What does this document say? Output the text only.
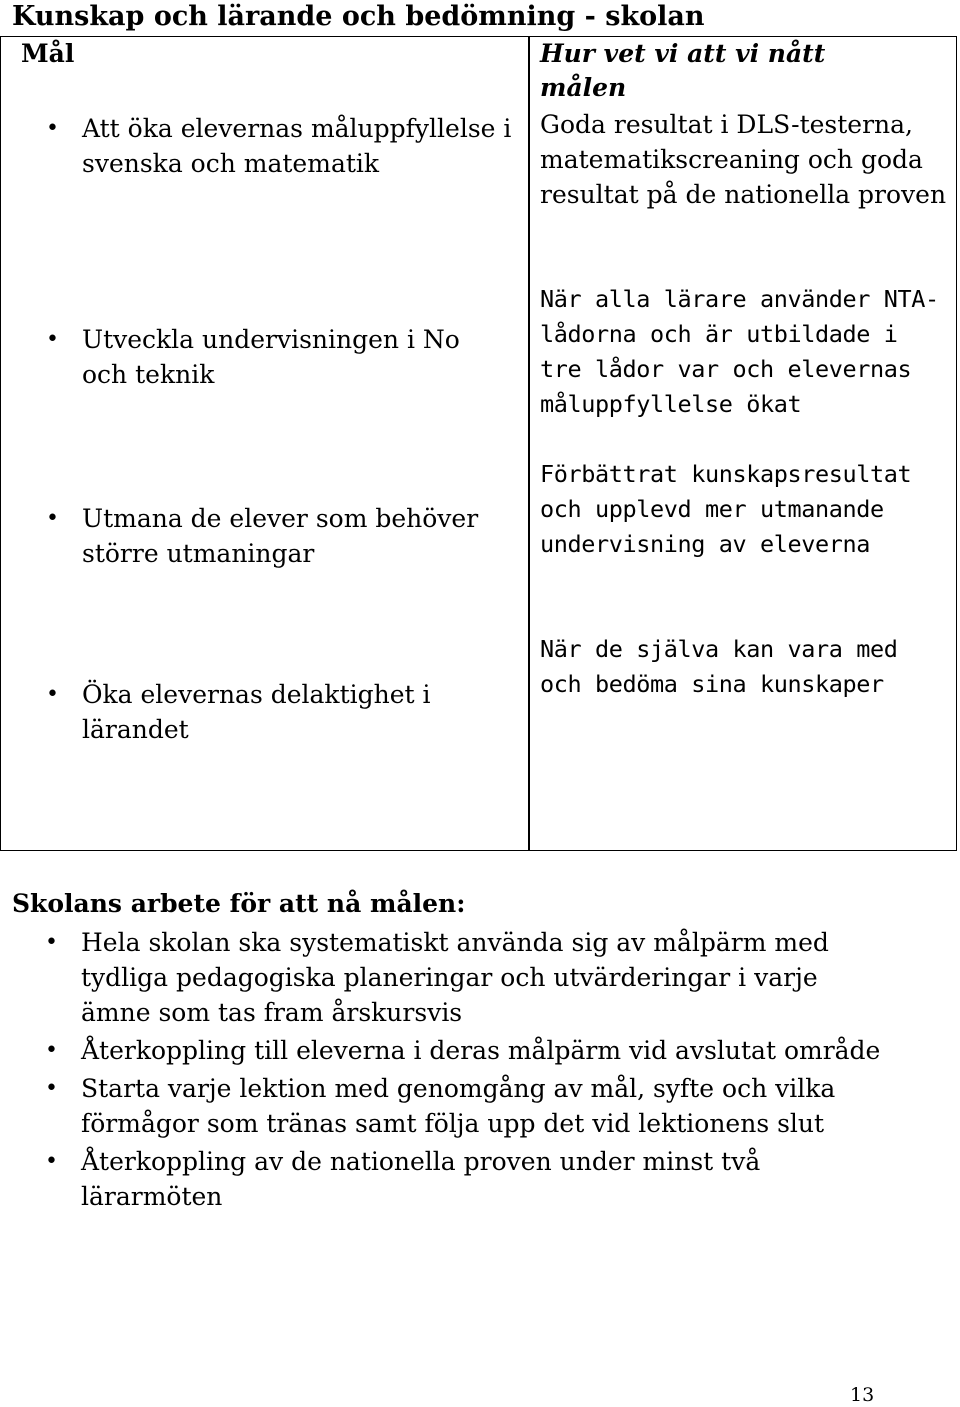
Kunskap och lärande och bedömning - skolan

Mål	Hur vet vi att vi nått målen

• Att öka elevernas måluppfyllelse i svenska och matematik
• Utveckla undervisningen i No och teknik
• Utmana de elever som behöver större utmaningar
• Öka elevernas delaktighet i lärandet
Goda resultat i DLS-testerna, matematikscreaning och goda resultat på de nationella proven
När alla lärare använder NTA-lådorna och är utbildade i tre lådor var och elevernas måluppfyllelse ökat
Förbättrat kunskapsresultat och upplevd mer utmanande undervisning av eleverna
När de själva kan vara med och bedöma sina kunskaper
Skolans arbete för att nå målen:
• Hela skolan ska systematiskt använda sig av målpärm med tydliga pedagogiska planeringar och utvärderingar i varje ämne som tas fram årskursvis
• Återkoppling till eleverna i deras målpärm vid avslutat område
• Starta varje lektion med genomgång av mål, syfte och vilka förmågor som tränas samt följa upp det vid lektionens slut
• Återkoppling av de nationella proven under minst två lärarmöten
13
